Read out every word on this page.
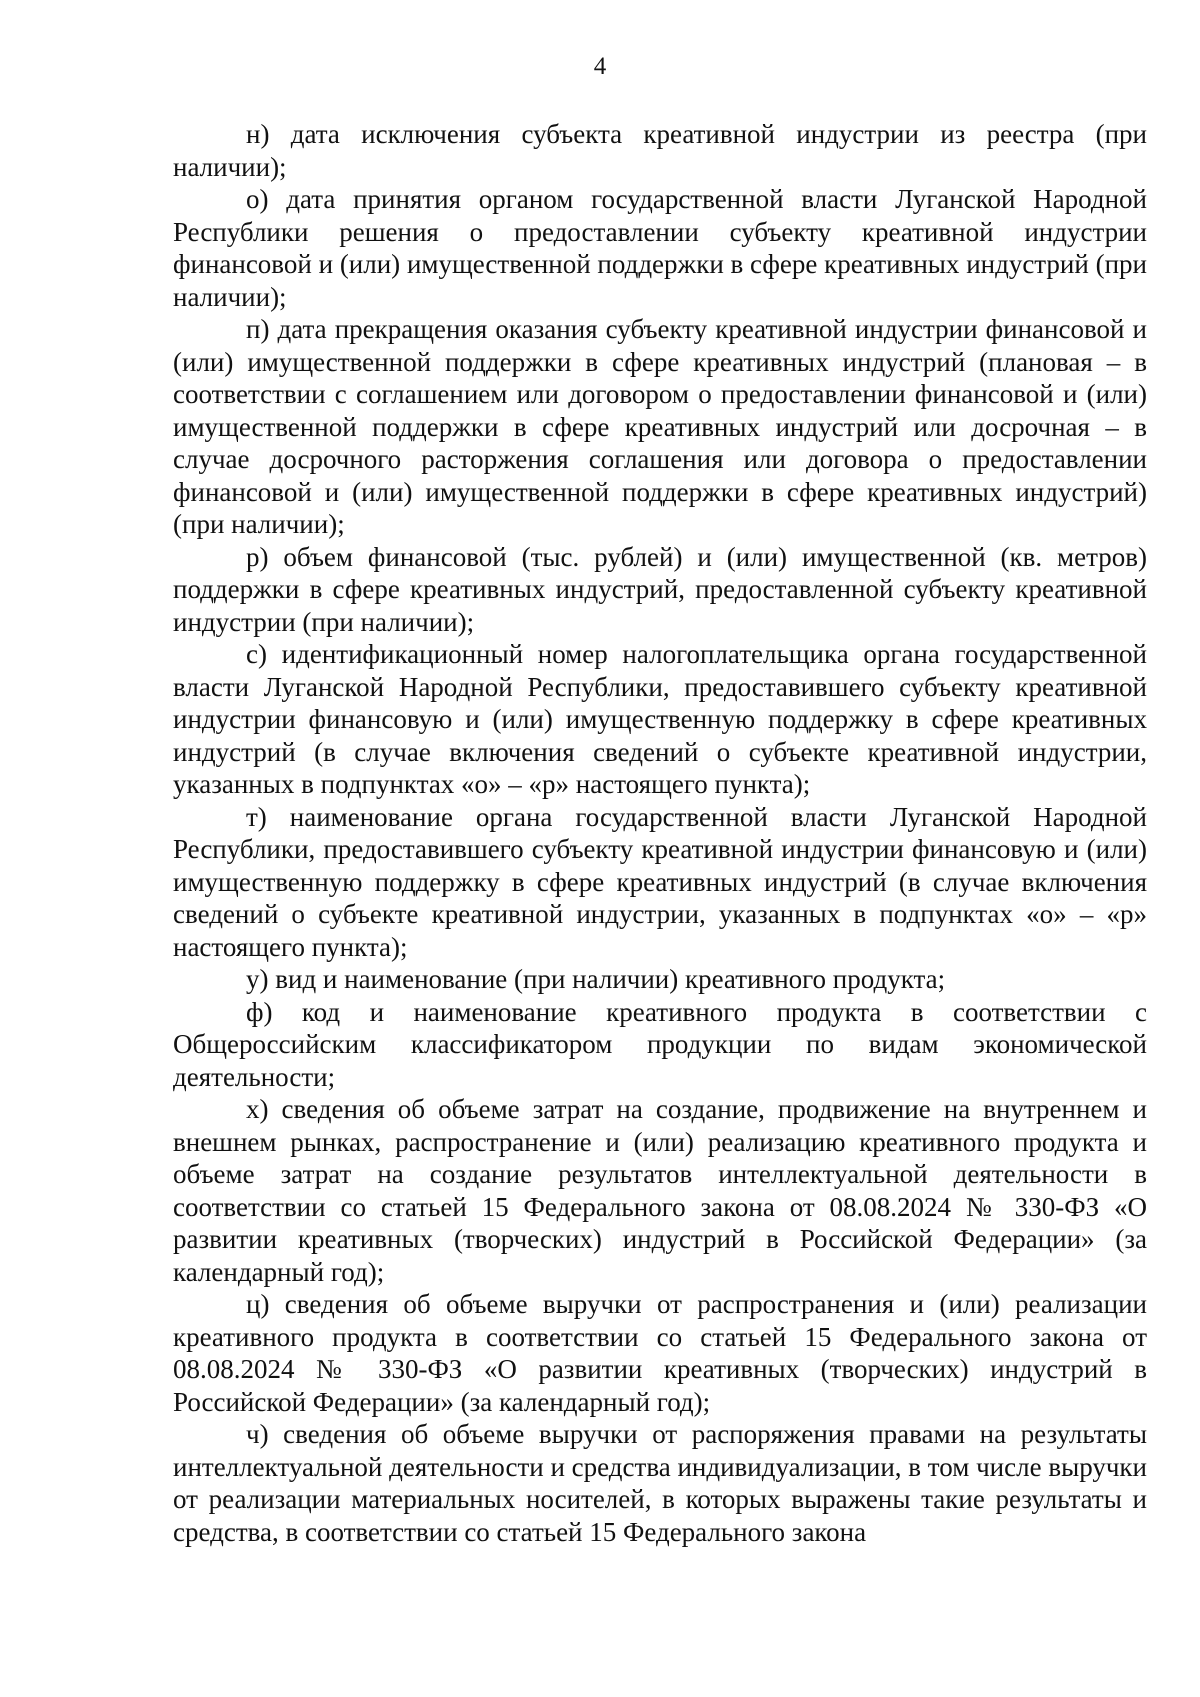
4

н) дата исключения субъекта креативной индустрии из реестра (при наличии);

о) дата принятия органом государственной власти Луганской Народной Республики решения о предоставлении субъекту креативной индустрии финансовой и (или) имущественной поддержки в сфере креативных индустрий (при наличии);

п) дата прекращения оказания субъекту креативной индустрии финансовой и (или) имущественной поддержки в сфере креативных индустрий (плановая – в соответствии с соглашением или договором о предоставлении финансовой и (или) имущественной поддержки в сфере креативных индустрий или досрочная – в случае досрочного расторжения соглашения или договора о предоставлении финансовой и (или) имущественной поддержки в сфере креативных индустрий) (при наличии);

р) объем финансовой (тыс. рублей) и (или) имущественной (кв. метров) поддержки в сфере креативных индустрий, предоставленной субъекту креативной индустрии (при наличии);

с) идентификационный номер налогоплательщика органа государственной власти Луганской Народной Республики, предоставившего субъекту креативной индустрии финансовую и (или) имущественную поддержку в сфере креативных индустрий (в случае включения сведений о субъекте креативной индустрии, указанных в подпунктах «о» – «р» настоящего пункта);

т) наименование органа государственной власти Луганской Народной Республики, предоставившего субъекту креативной индустрии финансовую и (или) имущественную поддержку в сфере креативных индустрий (в случае включения сведений о субъекте креативной индустрии, указанных в подпунктах «о» – «р» настоящего пункта);

у) вид и наименование (при наличии) креативного продукта;

ф) код и наименование креативного продукта в соответствии с Общероссийским классификатором продукции по видам экономической деятельности;

х) сведения об объеме затрат на создание, продвижение на внутреннем и внешнем рынках, распространение и (или) реализацию креативного продукта и объеме затрат на создание результатов интеллектуальной деятельности в соответствии со статьей 15 Федерального закона от 08.08.2024 № 330-ФЗ «О развитии креативных (творческих) индустрий в Российской Федерации» (за календарный год);

ц) сведения об объеме выручки от распространения и (или) реализации креативного продукта в соответствии со статьей 15 Федерального закона от 08.08.2024 № 330-ФЗ «О развитии креативных (творческих) индустрий в Российской Федерации» (за календарный год);

ч) сведения об объеме выручки от распоряжения правами на результаты интеллектуальной деятельности и средства индивидуализации, в том числе выручки от реализации материальных носителей, в которых выражены такие результаты и средства, в соответствии со статьей 15 Федерального закона
